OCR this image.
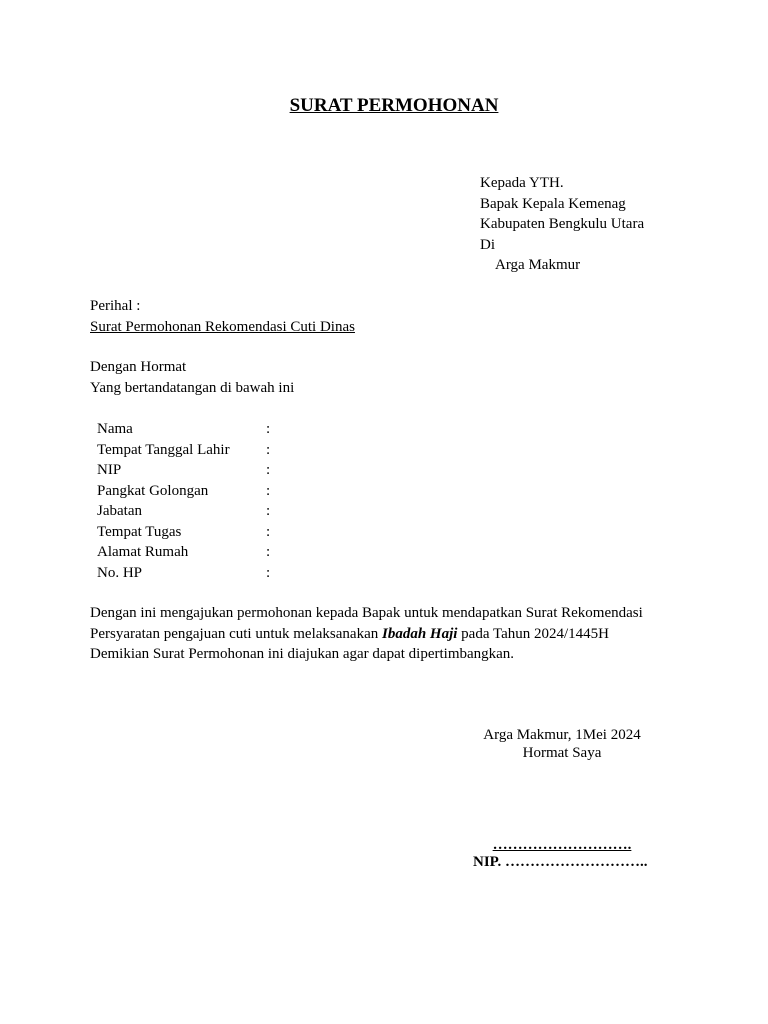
SURAT PERMOHONAN
Kepada YTH.
Bapak Kepala Kemenag
Kabupaten Bengkulu Utara
Di
Arga Makmur
Perihal :
Surat Permohonan Rekomendasi Cuti Dinas
Dengan Hormat
Yang bertandatangan di bawah ini
Nama	:
Tempat Tanggal Lahir :
NIP	:
Pangkat Golongan	:
Jabatan	:
Tempat Tugas	:
Alamat Rumah	:
No. HP	:
Dengan ini mengajukan permohonan kepada Bapak untuk mendapatkan Surat Rekomendasi
Persyaratan pengajuan cuti untuk melaksanakan Ibadah Haji pada Tahun 2024/1445H
Demikian Surat Permohonan ini diajukan agar dapat dipertimbangkan.
Arga Makmur, 1Mei 2024
Hormat Saya
……………………….
NIP. ………………………..
